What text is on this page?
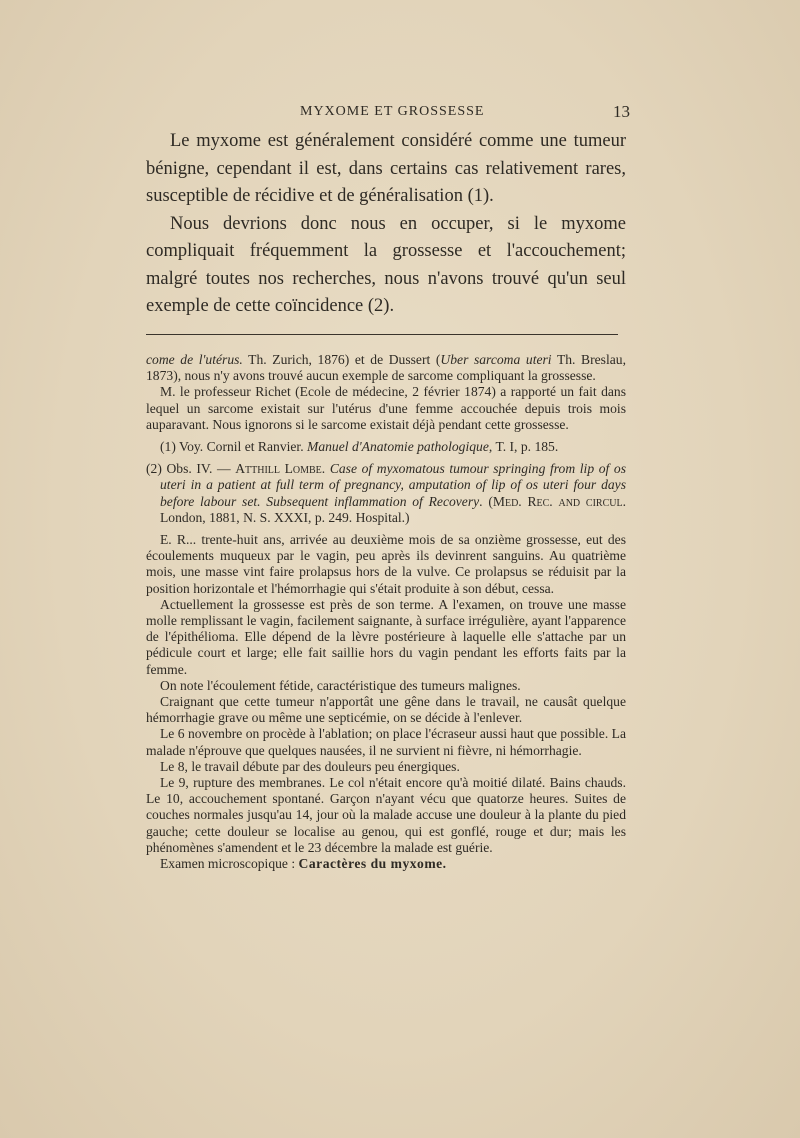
MYXOME ET GROSSESSE	13

Le myxome est généralement considéré comme une tumeur bénigne, cependant il est, dans certains cas relativement rares, susceptible de récidive et de généralisation (1).

Nous devrions donc nous en occuper, si le myxome compliquait fréquemment la grossesse et l'accouchement; malgré toutes nos recherches, nous n'avons trouvé qu'un seul exemple de cette coïncidence (2).

come de l'utérus. Th. Zurich, 1876) et de Dussert (Uber sarcoma uteri Th. Breslau, 1873), nous n'y avons trouvé aucun exemple de sarcome compliquant la grossesse.

M. le professeur Richet (Ecole de médecine, 2 février 1874) a rapporté un fait dans lequel un sarcome existait sur l'utérus d'une femme accouchée depuis trois mois auparavant. Nous ignorons si le sarcome existait déjà pendant cette grossesse.

(1) Voy. Cornil et Ranvier. Manuel d'Anatomie pathologique, T. I, p. 185.

(2) Obs. IV. — Atthill Lombe. Case of myxomatous tumour springing from lip of os uteri in a patient at full term of pregnancy, amputation of lip of os uteri four days before labour set. Subsequent inflammation of Recovery. (Med. Rec. and circul. London, 1881, N. S. XXXI, p. 249. Hospital.)

E. R... trente-huit ans, arrivée au deuxième mois de sa onzième grossesse, eut des écoulements muqueux par le vagin, peu après ils devinrent sanguins. Au quatrième mois, une masse vint faire prolapsus hors de la vulve. Ce prolapsus se réduisit par la position horizontale et l'hémorrhagie qui s'était produite à son début, cessa.

Actuellement la grossesse est près de son terme. A l'examen, on trouve une masse molle remplissant le vagin, facilement saignante, à surface irrégulière, ayant l'apparence de l'épithélioma. Elle dépend de la lèvre postérieure à laquelle elle s'attache par un pédicule court et large; elle fait saillie hors du vagin pendant les efforts faits par la femme.

On note l'écoulement fétide, caractéristique des tumeurs malignes.

Craignant que cette tumeur n'apportât une gêne dans le travail, ne causât quelque hémorrhagie grave ou même une septicémie, on se décide à l'enlever.

Le 6 novembre on procède à l'ablation; on place l'écraseur aussi haut que possible. La malade n'éprouve que quelques nausées, il ne survient ni fièvre, ni hémorrhagie.

Le 8, le travail débute par des douleurs peu énergiques.

Le 9, rupture des membranes. Le col n'était encore qu'à moitié dilaté. Bains chauds. Le 10, accouchement spontané. Garçon n'ayant vécu que quatorze heures. Suites de couches normales jusqu'au 14, jour où la malade accuse une douleur à la plante du pied gauche; cette douleur se localise au genou, qui est gonflé, rouge et dur; mais les phénomènes s'amendent et le 23 décembre la malade est guérie.

Examen microscopique : Caractères du myxome.
